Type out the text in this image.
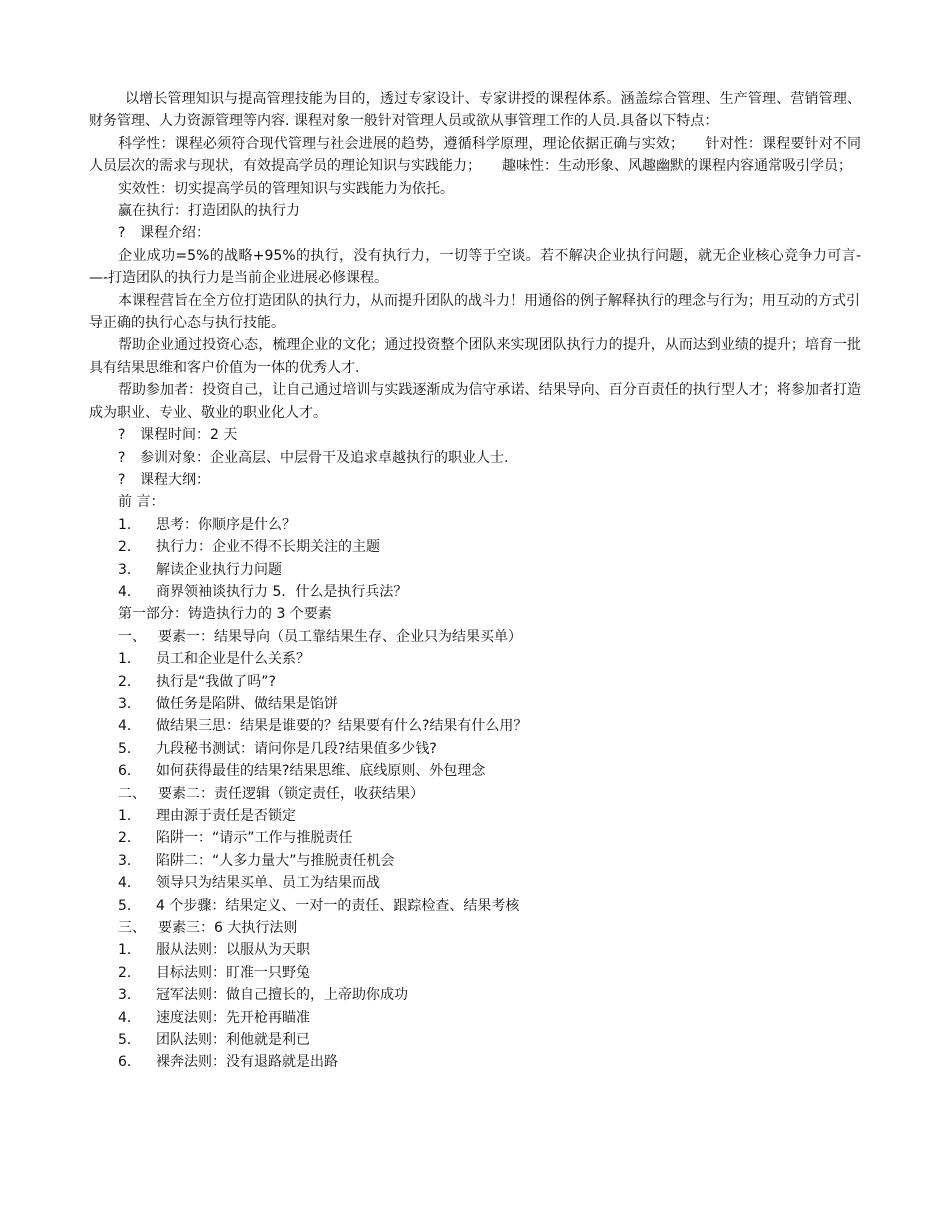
以增长管理知识与提高管理技能为目的，透过专家设计、专家讲授的课程体系。涵盖综合管理、生产管理、营销管理、财务管理、人力资源管理等内容. 课程对象一般针对管理人员或欲从事管理工作的人员.具备以下特点：

科学性：课程必须符合现代管理与社会进展的趋势，遵循科学原理，理论依据正确与实效；　　针对性：课程要针对不同人员层次的需求与现状，有效提高学员的理论知识与实践能力；　　趣味性：生动形象、风趣幽默的课程内容通常吸引学员；

实效性：切实提高学员的管理知识与实践能力为依托。

赢在执行：打造团队的执行力

? 课程介绍：

企业成功=5%的战略+95%的执行，没有执行力，一切等于空谈。若不解决企业执行问题，就无企业核心竞争力可言-—-打造团队的执行力是当前企业进展必修课程。

本课程营旨在全方位打造团队的执行力，从而提升团队的战斗力！用通俗的例子解释执行的理念与行为；用互动的方式引导正确的执行心态与执行技能。

帮助企业通过投资心态，梳理企业的文化；通过投资整个团队来实现团队执行力的提升，从而达到业绩的提升；培育一批具有结果思维和客户价值为一体的优秀人才.

帮助参加者：投资自己，让自己通过培训与实践逐渐成为信守承诺、结果导向、百分百责任的执行型人才；将参加者打造成为职业、专业、敬业的职业化人才。

? 课程时间：2 天

? 参训对象：企业高层、中层骨干及追求卓越执行的职业人士.

? 课程大纲：

前 言：

1． 思考：你顺序是什么？

2． 执行力：企业不得不长期关注的主题

3． 解读企业执行力问题

4． 商界领袖谈执行力 5．什么是执行兵法？

第一部分：铸造执行力的 3 个要素

一、 要素一：结果导向（员工靠结果生存、企业只为结果买单）

1． 员工和企业是什么关系？

2． 执行是“我做了吗”?

3． 做任务是陷阱、做结果是馅饼

4． 做结果三思：结果是谁要的？结果要有什么?结果有什么用？

5． 九段秘书测试：请问你是几段?结果值多少钱?

6． 如何获得最佳的结果?结果思维、底线原则、外包理念

二、 要素二：责任逻辑（锁定责任，收获结果）

1． 理由源于责任是否锁定

2． 陷阱一：“请示”工作与推脱责任

3． 陷阱二：“人多力量大”与推脱责任机会

4． 领导只为结果买单、员工为结果而战

5． 4 个步骤：结果定义、一对一的责任、跟踪检查、结果考核

三、 要素三：6 大执行法则

1． 服从法则：以服从为天职

2． 目标法则：盯准一只野兔

3． 冠军法则：做自己擅长的，上帝助你成功

4． 速度法则：先开枪再瞄准

5． 团队法则：利他就是利已

6． 裸奔法则：没有退路就是出路
